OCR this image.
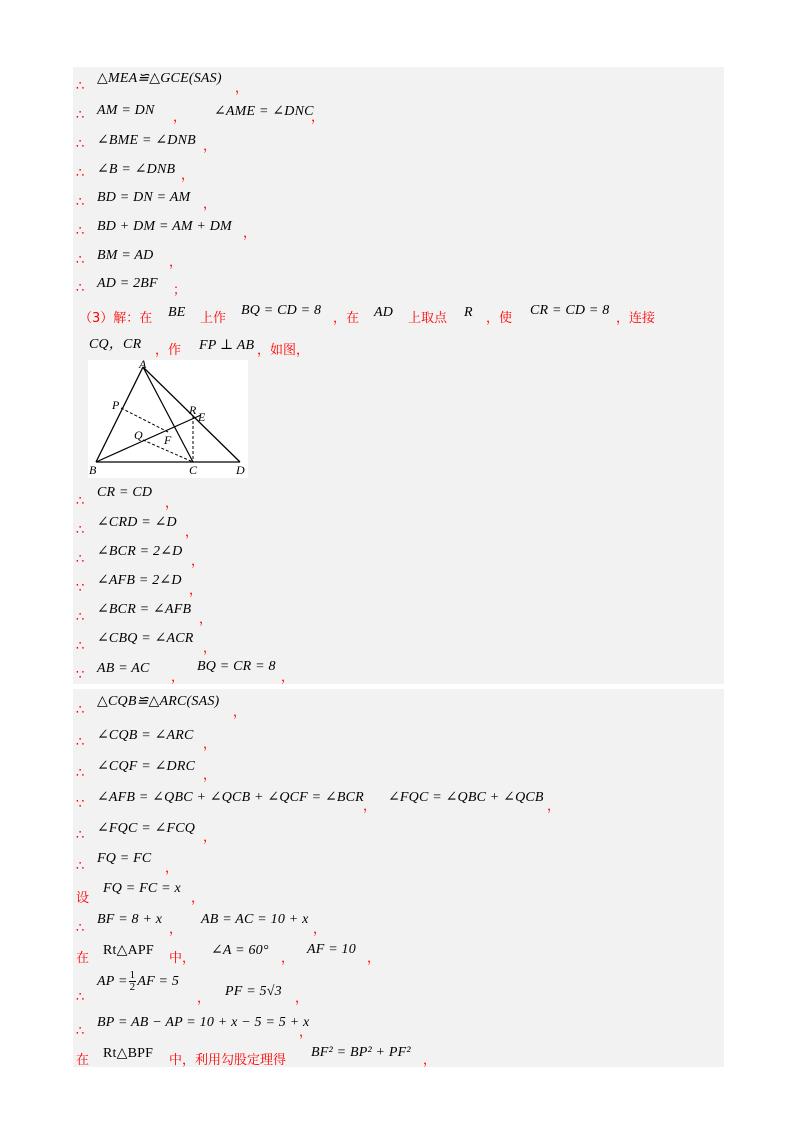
∴
△MEA≌△GCE(SAS)
，
∴ AM = DN ， ∠AME = ∠DNC
，
∴ ∠BME = ∠DNB ，
∴ ∠B = ∠DNB ，
∴ BD = DN = AM ，
∴ BD + DM = AM + DM ，
∴ BM = AD ，
∴ AD = 2BF ；
（3）解：在 BE 上作
BQ = CD = 8
，在 AD 上取点 R ，使
CR = CD = 8
，连接
CQ，CR ，作 FP ⊥ AB ，如图，
A
B	C	D
P
Q
R E
F
∴
CR = CD
，
∴
∠CRD = ∠D
，
∴
∠BCR = 2∠D
，
∵
∠AFB = 2∠D
，
∴
∠BCR = ∠AFB
，
∴
∠CBQ = ∠ACR
，
∵ AB = AC
，
BQ = CR = 8
，
∴
△CQB≌△ARC(SAS)
，
∴ ∠CQB = ∠ARC
，
∴ ∠CQF = ∠DRC
，
∵ ∠AFB = ∠QBC + ∠QCB + ∠QCF = ∠BCR
，
∠FQC = ∠QBC + ∠QCB
，
∴ ∠FQC = ∠FCQ
，
∴
FQ = FC
，
设
FQ = FC = x
，
∴
BF = 8 + x
，
AB = AC = 10 + x
，
在
Rt△APF
中，
∠A = 60°
，
AF = 10
，
∴
AP = $\frac{1}{2}$ AF = 5
， PF = 5√3 ，
∴
BP = AB − AP = 10 + x − 5 = 5 + x
，
在 Rt△BPF 中，利用勾股定理得
BF² = BP² + PF²
，
